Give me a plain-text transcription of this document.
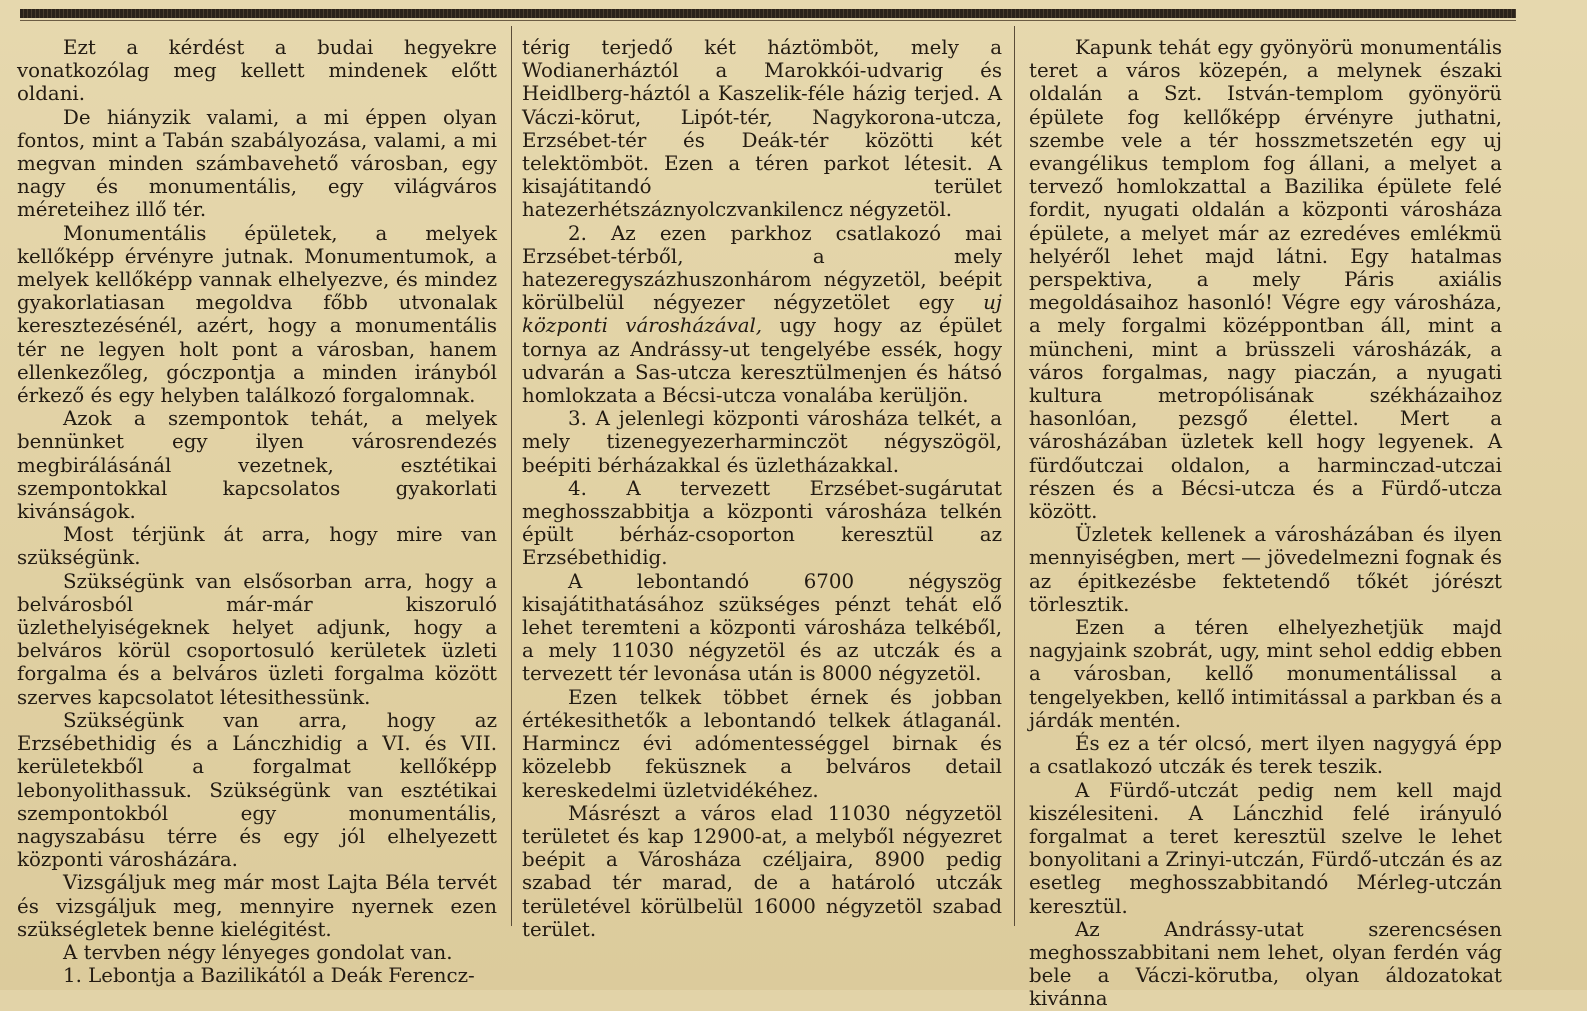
Ezt a kérdést a budai hegyekre vonatkozólag meg kellett mindenek előtt oldani.

De hiányzik valami, a mi éppen olyan fontos, mint a Tabán szabályozása, valami, a mi megvan minden számbavehető városban, egy nagy és monumentális, egy világváros méreteihez illő tér.

Monumentális épületek, a melyek kellőképp érvényre jutnak. Monumentumok, a melyek kellőképp vannak elhelyezve, és mindez gyakorlatiasan megoldva főbb utvonalak keresztezésénél, azért, hogy a monumentális tér ne legyen holt pont a városban, hanem ellenkezőleg, góczpontja a minden irányból érkező és egy helyben találkozó forgalomnak.

Azok a szempontok tehát, a melyek bennünket egy ilyen városrendezés megbirálásánál vezetnek, esztétikai szempontokkal kapcsolatos gyakorlati kivánságok.

Most térjünk át arra, hogy mire van szükségünk.

Szükségünk van elsősorban arra, hogy a belvárosból már-már kiszoruló üzlethelyiségeknek helyet adjunk, hogy a belváros körül csoportosuló kerületek üzleti forgalma és a belváros üzleti forgalma között szerves kapcsolatot létesithessünk.

Szükségünk van arra, hogy az Erzsébethidig és a Lánczhidig a VI. és VII. kerületekből a forgalmat kellőképp lebonyolithassuk. Szükségünk van esztétikai szempontokból egy monumentális, nagyszabásu térre és egy jól elhelyezett központi városházára.

Vizsgáljuk meg már most Lajta Béla tervét és vizsgáljuk meg, mennyire nyernek ezen szükségletek benne kielégitést.

A tervben négy lényeges gondolat van.

1. Lebontja a Bazilikától a Deák Ferencz-

térig terjedő két háztömböt, mely a Wodianerháztól a Marokkói-udvarig és Heidlberg-háztól a Kaszelik-féle házig terjed. A Váczi-körut, Lipót-tér, Nagykorona-utcza, Erzsébet-tér és Deák-tér közötti két telektömböt. Ezen a téren parkot létesit. A kisajátitandó terület hatezerhétszáznyolczvankilencz négyzetöl.

2. Az ezen parkhoz csatlakozó mai Erzsébet-térből, a mely hatezeregyszázhuszonhárom négyzetöl, beépit körülbelül négyezer négyzetölet egy uj központi városházával, ugy hogy az épület tornya az Andrássy-ut tengelyébe essék, hogy udvarán a Sas-utcza keresztülmenjen és hátsó homlokzata a Bécsi-utcza vonalába kerüljön.

3. A jelenlegi központi városháza telkét, a mely tizenegyezerharminczöt négyszögöl, beépiti bérházakkal és üzletházakkal.

4. A tervezett Erzsébet-sugárutat meghosszabbitja a központi városháza telkén épült bérház-csoporton keresztül az Erzsébethidig.

A lebontandó 6700 négyszög kisajátithatásához szükséges pénzt tehát elő lehet teremteni a központi városháza telkéből, a mely 11030 négyzetöl és az utczák és a tervezett tér levonása után is 8000 négyzetöl.

Ezen telkek többet érnek és jobban értékesithetők a lebontandó telkek átlaganál. Harmincz évi adómentességgel birnak és közelebb feküsznek a belváros detail kereskedelmi üzletvidékéhez.

Másrészt a város elad 11030 négyzetöl területet és kap 12900-at, a melyből négyezret beépit a Városháza czéljaira, 8900 pedig szabad tér marad, de a határoló utczák területével körülbelül 16000 négyzetöl szabad terület.

Kapunk tehát egy gyönyörü monumentális teret a város közepén, a melynek északi oldalán a Szt. István-templom gyönyörü épülete fog kellőképp érvényre juthatni, szembe vele a tér hosszmetszetén egy uj evangélikus templom fog állani, a melyet a tervező homlokzattal a Bazilika épülete felé fordit, nyugati oldalán a központi városháza épülete, a melyet már az ezredéves emlékmü helyéről lehet majd látni. Egy hatalmas perspektiva, a mely Páris axiális megoldásaihoz hasonló! Végre egy városháza, a mely forgalmi középpontban áll, mint a müncheni, mint a brüsszeli városházák, a város forgalmas, nagy piaczán, a nyugati kultura metropólisának székházaihoz hasonlóan, pezsgő élettel. Mert a városházában üzletek kell hogy legyenek. A fürdőutczai oldalon, a harminczad-utczai részen és a Bécsi-utcza és a Fürdő-utcza között.

Üzletek kellenek a városházában és ilyen mennyiségben, mert — jövedelmezni fognak és az épitkezésbe fektetendő tőkét jórészt törlesztik.

Ezen a téren elhelyezhetjük majd nagyjaink szobrát, ugy, mint sehol eddig ebben a városban, kellő monumentálissal a tengelyekben, kellő intimitással a parkban és a járdák mentén.

És ez a tér olcsó, mert ilyen nagygyá épp a csatlakozó utczák és terek teszik.

A Fürdő-utczát pedig nem kell majd kiszélesiteni. A Lánczhid felé irányuló forgalmat a teret keresztül szelve le lehet bonyolitani a Zrinyi-utczán, Fürdő-utczán és az esetleg meghosszabbitandó Mérleg-utczán keresztül.

Az Andrássy-utat szerencsésen meghosszabbitani nem lehet, olyan ferdén vág bele a Váczi-körutba, olyan áldozatokat kivánna
